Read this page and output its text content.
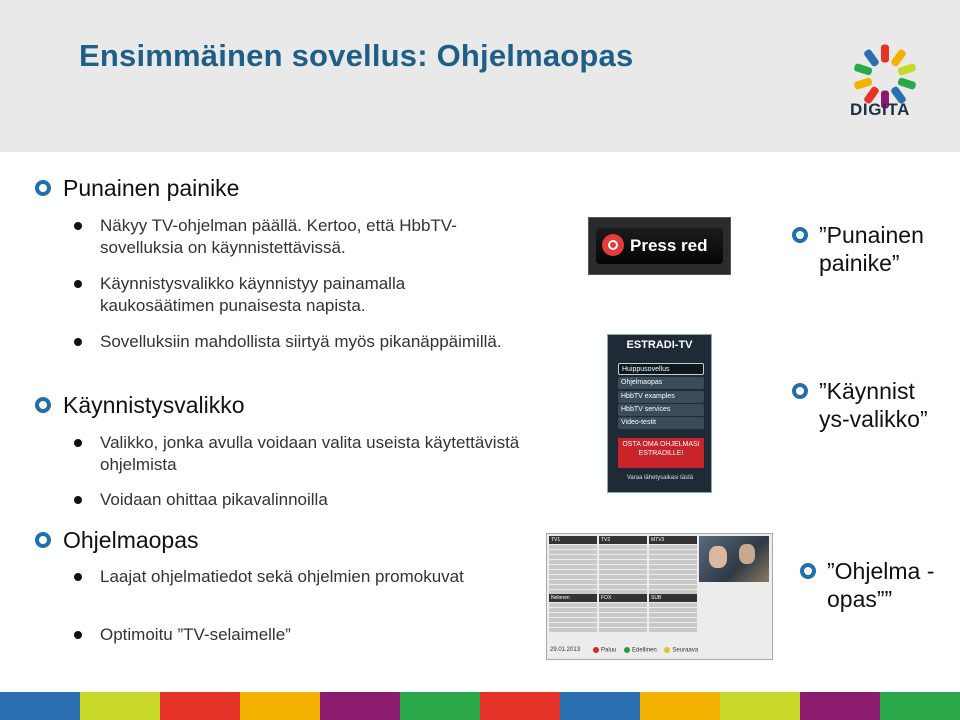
Ensimmäinen sovellus: Ohjelmaopas
DIGITA
Punainen painike
Näkyy TV-ohjelman päällä. Kertoo, että HbbTV-sovelluksia on käynnistettävissä.
Käynnistysvalikko käynnistyy painamalla kaukosäätimen punaisesta napista.
Sovelluksiin mahdollista siirtyä myös pikanäppäimillä.
Käynnistysvalikko
Valikko, jonka avulla voidaan valita useista käytettävistä ohjelmista
Voidaan ohittaa pikavalinnoilla
Ohjelmaopas
Laajat ohjelmatiedot sekä ohjelmien promokuvat
Optimoitu ”TV-selaimelle”
Press red
ESTRADI-TV
Huippusovellus
Ohjelmaopas
HbbTV examples
HbbTV services
Video-testit
OSTA OMA OHJELMASI ESTRADILLE!
Varaa lähetysaikasi tästä
TV1	TV2	MTV3
Nelonen	FOX	SUB
29.01.2013	Paluu	Edellinen	Seuraava
”Punainen painike”
”Käynnist ys-valikko”
”Ohjelma -opas””
